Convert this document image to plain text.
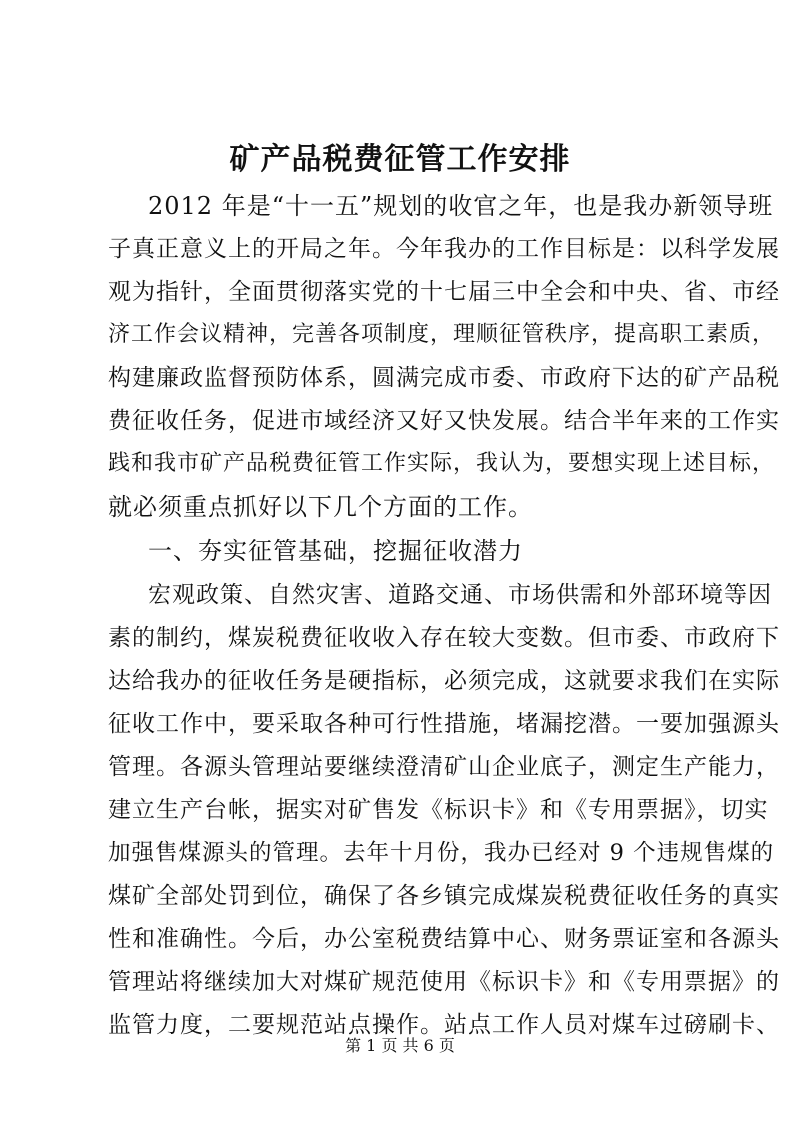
矿产品税费征管工作安排
2012 年是“十一五”规划的收官之年，也是我办新领导班
子真正意义上的开局之年。今年我办的工作目标是：以科学发展
观为指针，全面贯彻落实党的十七届三中全会和中央、省、市经
济工作会议精神，完善各项制度，理顺征管秩序，提高职工素质，
构建廉政监督预防体系，圆满完成市委、市政府下达的矿产品税
费征收任务，促进市域经济又好又快发展。结合半年来的工作实
践和我市矿产品税费征管工作实际，我认为，要想实现上述目标，
就必须重点抓好以下几个方面的工作。
一、夯实征管基础，挖掘征收潜力
宏观政策、自然灾害、道路交通、市场供需和外部环境等因
素的制约，煤炭税费征收收入存在较大变数。但市委、市政府下
达给我办的征收任务是硬指标，必须完成，这就要求我们在实际
征收工作中，要采取各种可行性措施，堵漏挖潜。一要加强源头
管理。各源头管理站要继续澄清矿山企业底子，测定生产能力，
建立生产台帐，据实对矿售发《标识卡》和《专用票据》，切实
加强售煤源头的管理。去年十月份，我办已经对 9 个违规售煤的
煤矿全部处罚到位，确保了各乡镇完成煤炭税费征收任务的真实
性和准确性。今后，办公室税费结算中心、财务票证室和各源头
管理站将继续加大对煤矿规范使用《标识卡》和《专用票据》的
监管力度，二要规范站点操作。站点工作人员对煤车过磅刷卡、
第 1 页 共 6 页
